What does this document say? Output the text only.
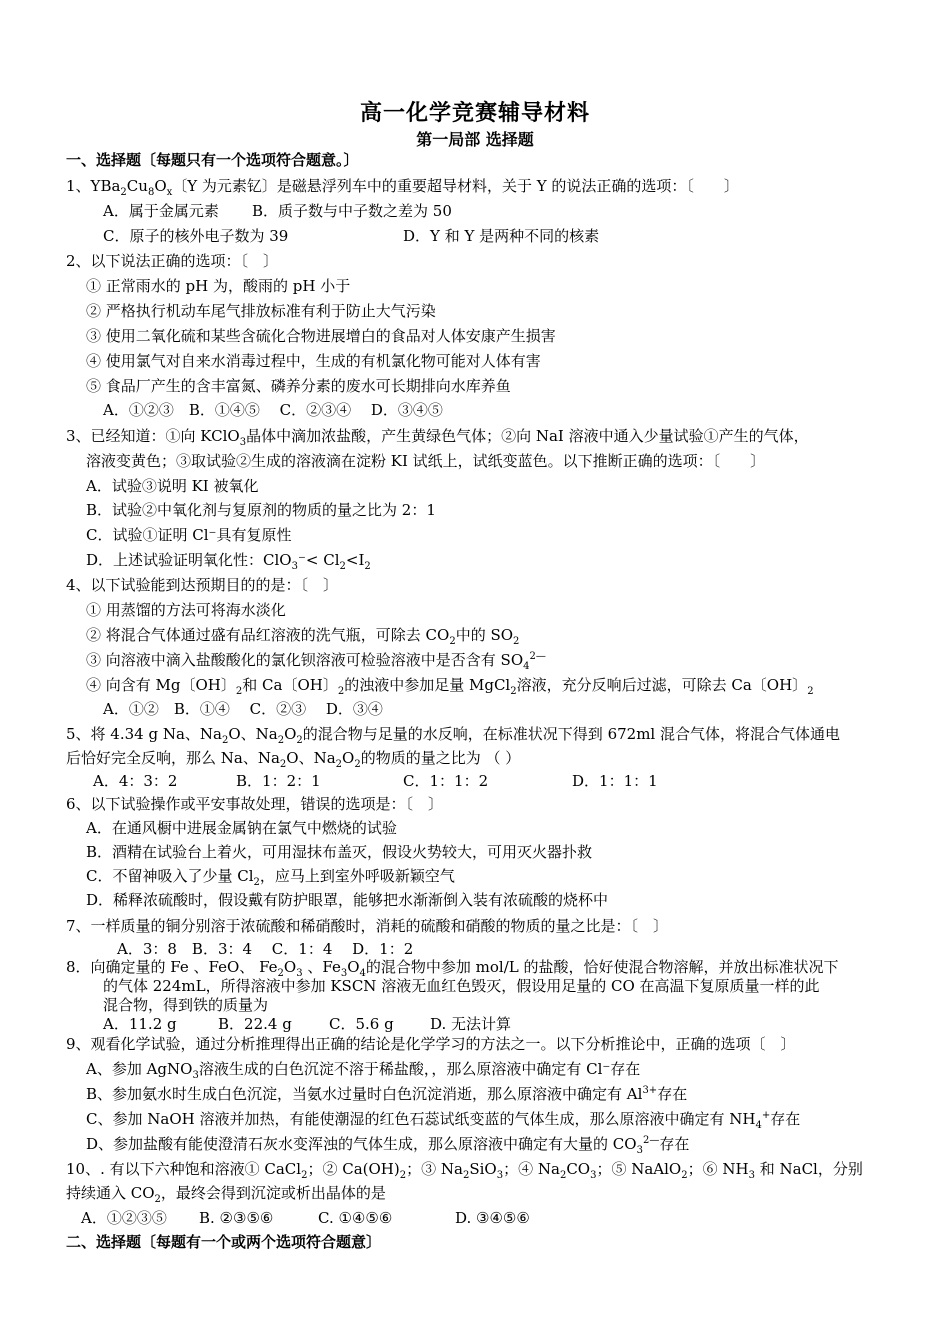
高一化学竞赛辅导材料
第一局部 选择题
一、选择题〔每题只有一个选项符合题意。〕
1、$YBa_2Cu_8O_x$〔Y 为元素钇〕是磁悬浮列车中的重要超导材料，关于 Y 的说法正确的选项：〔　　〕
A．属于金属元素 B．质子数与中子数之差为 50
C．原子的核外电子数为 39	D．Y 和 Y 是两种不同的核素
2、以下说法正确的选项：〔　〕
① 正常雨水的 pH 为，酸雨的 pH 小于
② 严格执行机动车尾气排放标准有利于防止大气污染
③ 使用二氧化硫和某些含硫化合物进展增白的食品对人体安康产生损害
④ 使用氯气对自来水消毒过程中，生成的有机氯化物可能对人体有害
⑤ 食品厂产生的含丰富氮、磷养分素的废水可长期排向水库养鱼
A．①②③　B．①④⑤　 C．②③④　 D．③④⑤
3、已经知道：①向 KClO$_3$晶体中滴加浓盐酸，产生黄绿色气体；②向 NaI 溶液中通入少量试验①产生的气体，
溶液变黄色；③取试验②生成的溶液滴在淀粉 KI 试纸上，试纸变蓝色。以下推断正确的选项：〔　　〕
A．试验③说明 KI 被氧化
B．试验②中氧化剂与复原剂的物质的量之比为 2：1
C．试验①证明 Cl⁻具有复原性
D．上述试验证明氧化性：$ClO_3^-< Cl_2<I_2$
4、以下试验能到达预期目的的是：〔　〕
① 用蒸馏的方法可将海水淡化
② 将混合气体通过盛有品红溶液的洗气瓶，可除去 $CO_2$中的 $SO_2$
③ 向溶液中滴入盐酸酸化的氯化钡溶液可检验溶液中是否含有 $SO_4^{2—}$
④ 向含有 Mg〔OH〕$_2$和 Ca〔OH〕$_2$的浊液中参加足量 MgCl$_2$溶液，充分反响后过滤，可除去 Ca〔OH〕$_2$
A．①②　B．①④　 C．②③　 D．③④
5、将 4.34 g Na、$Na_2O$、$Na_2O_2$的混合物与足量的水反响，在标准状况下得到 672ml 混合气体，将混合气体通电
后恰好完全反响，那么 Na、$Na_2O$、$Na_2O_2$的物质的量之比为 （ ）
A．4：3：2	B．1：2：1	C．1：1：2	D．1：1：1
6、以下试验操作或平安事故处理，错误的选项是：〔　〕
A．在通风橱中进展金属钠在氯气中燃烧的试验
B．酒精在试验台上着火，可用湿抹布盖灭，假设火势较大，可用灭火器扑救
C．不留神吸入了少量 $Cl_2$，应马上到室外呼吸新颖空气
D．稀释浓硫酸时，假设戴有防护眼罩，能够把水渐渐倒入装有浓硫酸的烧杯中
7、一样质量的铜分别溶于浓硫酸和稀硝酸时，消耗的硫酸和硝酸的物质的量之比是：〔　〕
A．3：8　B．3：4　 C．1：4　 D．1：2
8．向确定量的 Fe 、FeO、 $Fe_2O_3$ 、$Fe_3O_4$的混合物中参加 mol/L 的盐酸，恰好使混合物溶解，并放出标准状况下
的气体 224mL，所得溶液中参加 KSCN 溶液无血红色毁灭，假设用足量的 CO 在高温下复原质量一样的此
混合物，得到铁的质量为
A．11.2 g	B．22.4 g C．5.6 g D. 无法计算
9、观看化学试验，通过分析推理得出正确的结论是化学学习的方法之一。以下分析推论中，正确的选项〔　〕
A、参加 AgNO$_3$溶液生成的白色沉淀不溶于稀盐酸，，那么原溶液中确定有 Cl⁻存在
B、参加氨水时生成白色沉淀，当氨水过量时白色沉淀消逝，那么原溶液中确定有 $Al^{3+}$存在
C、参加 NaOH 溶液并加热，有能使潮湿的红色石蕊试纸变蓝的气体生成，那么原溶液中确定有 $NH_4^+$存在
D、参加盐酸有能使澄清石灰水变浑浊的气体生成，那么原溶液中确定有大量的 $CO_3^{2—}$存在
10、. 有以下六种饱和溶液① CaCl$_2$；② $Ca(OH)_2$；③ $Na_2SiO_3$；④ $Na_2CO_3$；⑤ NaAlO$_2$；⑥ $NH_3$ 和 NaCl，分别
持续通入 $CO_2$，最终会得到沉淀或析出晶体的是
A．①②③⑤ B. ②③⑤⑥	C. ①④⑤⑥	D. ③④⑤⑥
二、选择题〔每题有一个或两个选项符合题意〕
